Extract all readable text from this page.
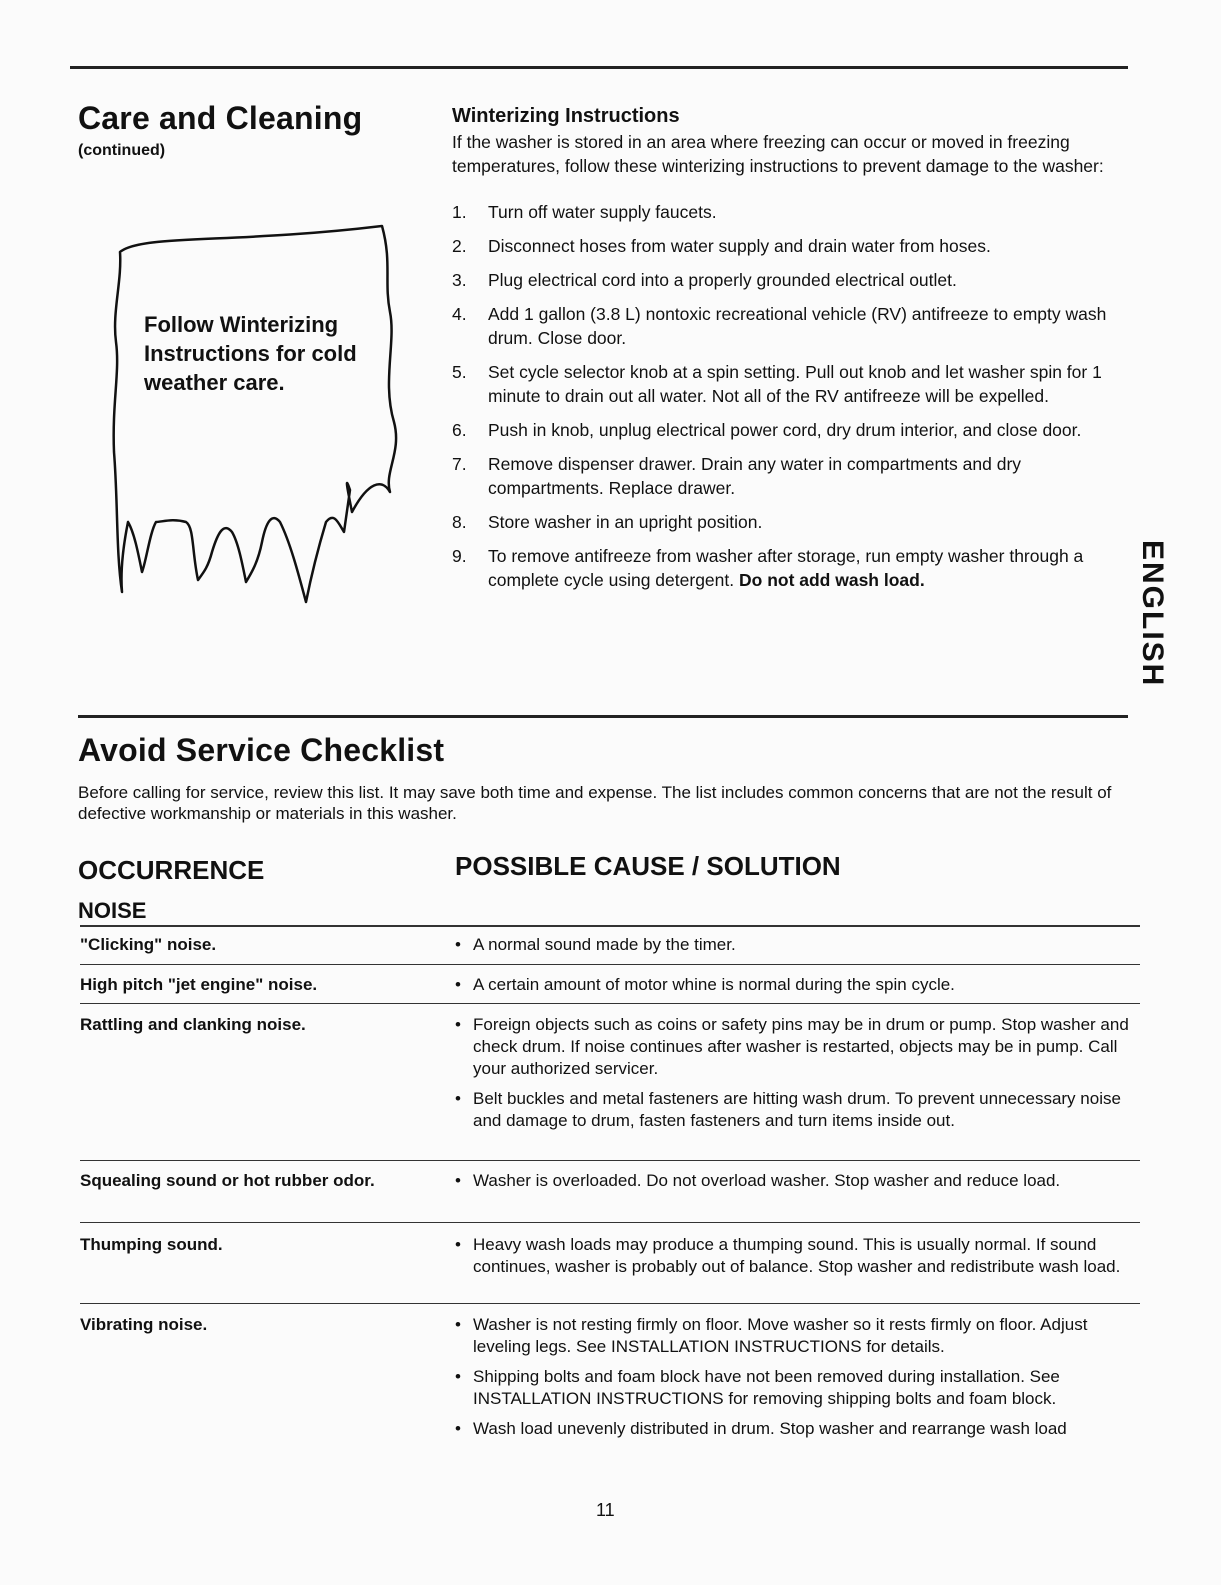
Care and Cleaning
(continued)
Follow Winterizing Instructions for cold weather care.
Winterizing Instructions

If the washer is stored in an area where freezing can occur or moved in freezing temperatures, follow these winterizing instructions to prevent damage to the washer:

1. Turn off water supply faucets.
2. Disconnect hoses from water supply and drain water from hoses.
3. Plug electrical cord into a properly grounded electrical outlet.
4. Add 1 gallon (3.8 L) nontoxic recreational vehicle (RV) antifreeze to empty wash drum. Close door.
5. Set cycle selector knob at a spin setting. Pull out knob and let washer spin for 1 minute to drain out all water. Not all of the RV antifreeze will be expelled.
6. Push in knob, unplug electrical power cord, dry drum interior, and close door.
7. Remove dispenser drawer. Drain any water in compartments and dry compartments. Replace drawer.
8. Store washer in an upright position.
9. To remove antifreeze from washer after storage, run empty washer through a complete cycle using detergent. Do not add wash load.	ENGLISH
Avoid Service Checklist

Before calling for service, review this list. It may save both time and expense. The list includes common concerns that are not the result of defective workmanship or materials in this washer.

OCCURRENCE	POSSIBLE CAUSE / SOLUTION
NOISE
"Clicking" noise.	• A normal sound made by the timer.
High pitch "jet engine" noise.	• A certain amount of motor whine is normal during the spin cycle.
Rattling and clanking noise.	• Foreign objects such as coins or safety pins may be in drum or pump. Stop washer and check drum. If noise continues after washer is restarted, objects may be in pump. Call your authorized servicer.
• Belt buckles and metal fasteners are hitting wash drum. To prevent unnecessary noise and damage to drum, fasten fasteners and turn items inside out.
Squealing sound or hot rubber odor.	• Washer is overloaded. Do not overload washer. Stop washer and reduce load.
Thumping sound.	• Heavy wash loads may produce a thumping sound. This is usually normal. If sound continues, washer is probably out of balance. Stop washer and redistribute wash load.
Vibrating noise.	• Washer is not resting firmly on floor. Move washer so it rests firmly on floor. Adjust leveling legs. See INSTALLATION INSTRUCTIONS for details.
• Shipping bolts and foam block have not been removed during installation. See INSTALLATION INSTRUCTIONS for removing shipping bolts and foam block.
• Wash load unevenly distributed in drum. Stop washer and rearrange wash load
11
